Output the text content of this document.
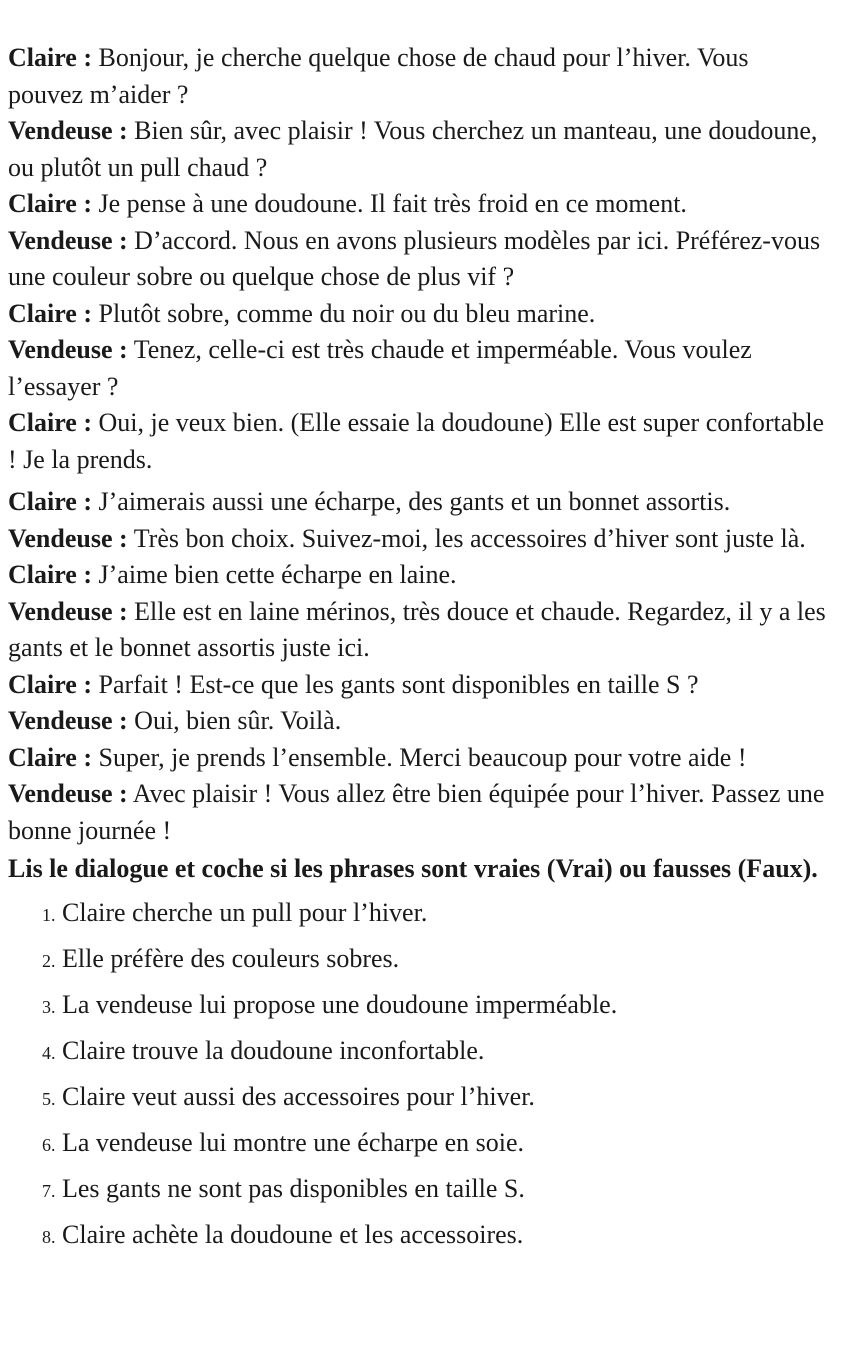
Claire : Bonjour, je cherche quelque chose de chaud pour l’hiver. Vous pouvez m’aider ?

Vendeuse : Bien sûr, avec plaisir ! Vous cherchez un manteau, une doudoune, ou plutôt un pull chaud ?

Claire : Je pense à une doudoune. Il fait très froid en ce moment.

Vendeuse : D’accord. Nous en avons plusieurs modèles par ici. Préférez-vous une couleur sobre ou quelque chose de plus vif ?

Claire : Plutôt sobre, comme du noir ou du bleu marine.

Vendeuse : Tenez, celle-ci est très chaude et imperméable. Vous voulez l’essayer ?

Claire : Oui, je veux bien. (Elle essaie la doudoune) Elle est super confortable ! Je la prends.

Claire : J’aimerais aussi une écharpe, des gants et un bonnet assortis.

Vendeuse : Très bon choix. Suivez-moi, les accessoires d’hiver sont juste là.

Claire : J’aime bien cette écharpe en laine.

Vendeuse : Elle est en laine mérinos, très douce et chaude. Regardez, il y a les gants et le bonnet assortis juste ici.

Claire : Parfait ! Est-ce que les gants sont disponibles en taille S ?

Vendeuse : Oui, bien sûr. Voilà.

Claire : Super, je prends l’ensemble. Merci beaucoup pour votre aide !

Vendeuse : Avec plaisir ! Vous allez être bien équipée pour l’hiver. Passez une bonne journée !

Lis le dialogue et coche si les phrases sont vraies (Vrai) ou fausses (Faux).

1. Claire cherche un pull pour l’hiver.
2. Elle préfère des couleurs sobres.
3. La vendeuse lui propose une doudoune imperméable.
4. Claire trouve la doudoune inconfortable.
5. Claire veut aussi des accessoires pour l’hiver.
6. La vendeuse lui montre une écharpe en soie.
7. Les gants ne sont pas disponibles en taille S.
8. Claire achète la doudoune et les accessoires.
